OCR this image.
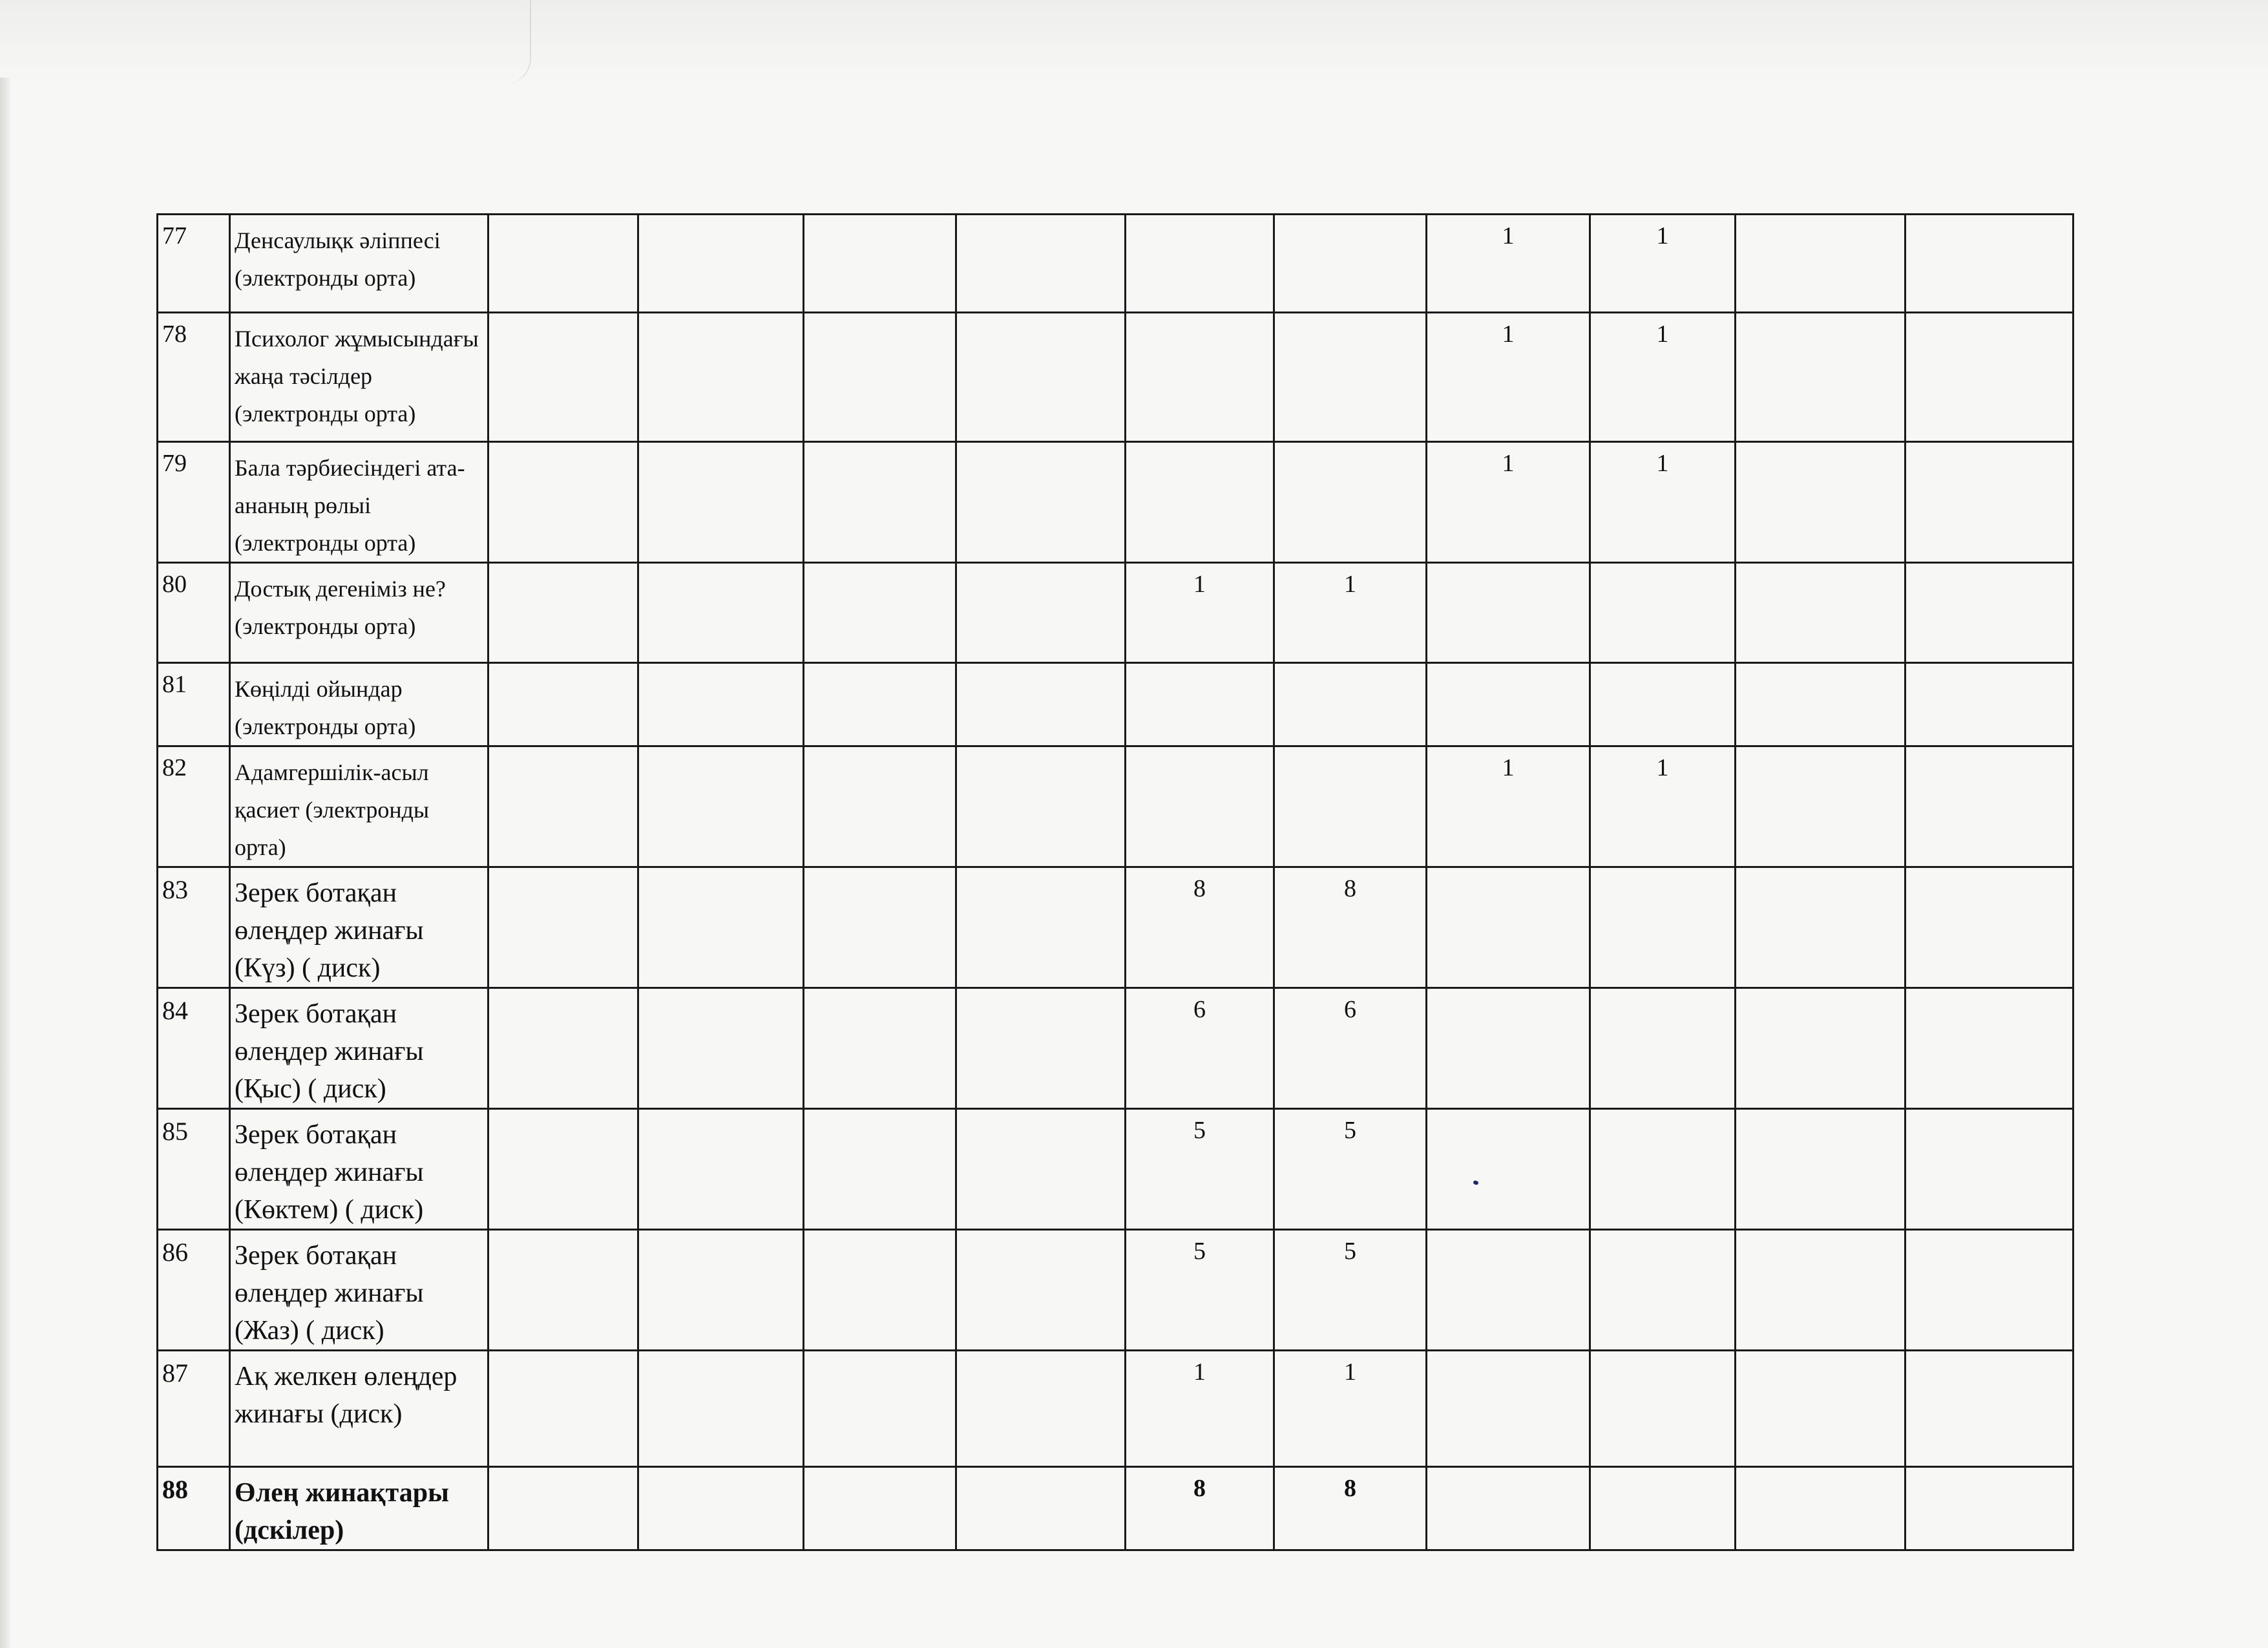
77	Денсаулықк әліппесі (электронды орта)							1	1		
78	Психолог жұмысындағы жаңа тәсілдер (электронды орта)							1	1		
79	Бала тәрбиесіндегі ата-ананың рөлыі (электронды орта)							1	1		
80	Достық дегеніміз не? (электронды орта)					1	1				
81	Көңілді ойындар (электронды орта)										
82	Адамгершілік-асыл қасиет (электронды орта)							1	1		
83	Зерек ботақан өлеңдер жинағы (Күз) ( диск)					8	8				
84	Зерек ботақан өлеңдер жинағы (Қыс) ( диск)					6	6				
85	Зерек ботақан өлеңдер жинағы (Көктем) ( диск)					5	5				
86	Зерек ботақан өлеңдер жинағы (Жаз) ( диск)					5	5				
87	Ақ желкен өлеңдер жинағы (диск)					1	1				
88	Өлең жинақтары (дскілер)					8	8				
